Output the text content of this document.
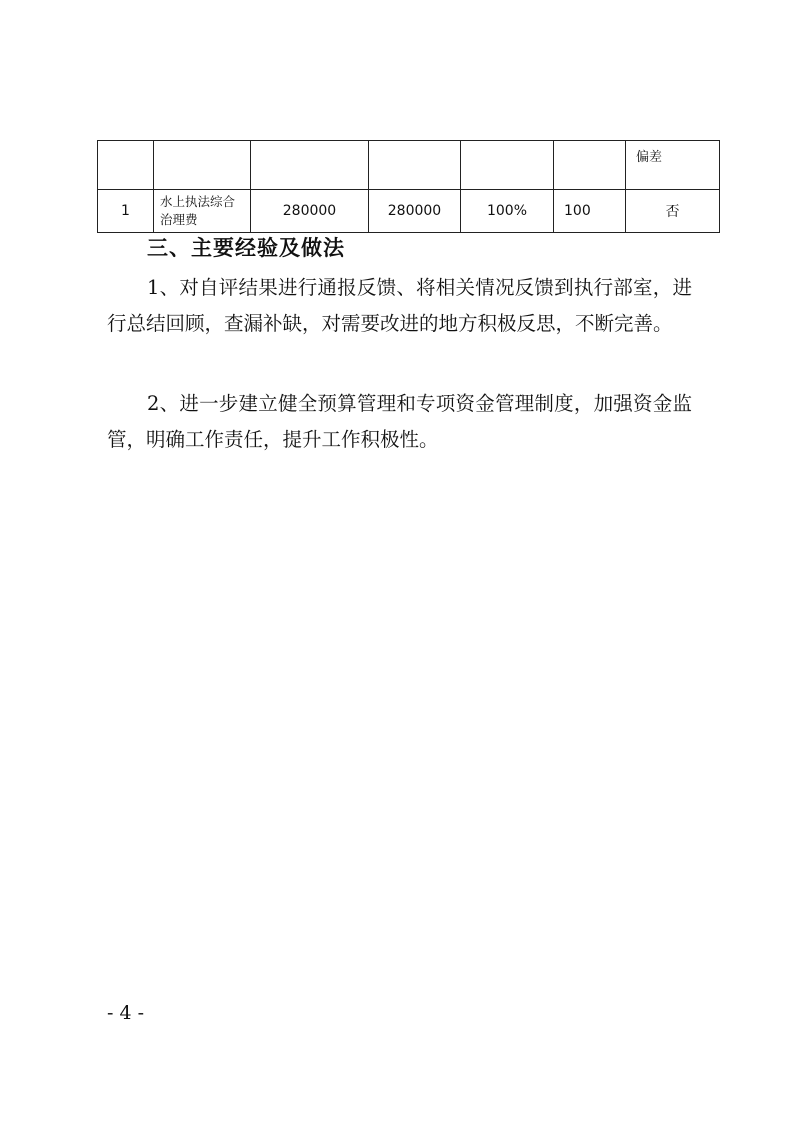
						偏差
1	水上执法综合治理费	280000	280000	100%	100	否
三、主要经验及做法

1、对自评结果进行通报反馈、将相关情况反馈到执行部室，进行总结回顾，查漏补缺，对需要改进的地方积极反思，不断完善。

2、进一步建立健全预算管理和专项资金管理制度，加强资金监管，明确工作责任，提升工作积极性。

- 4 -
